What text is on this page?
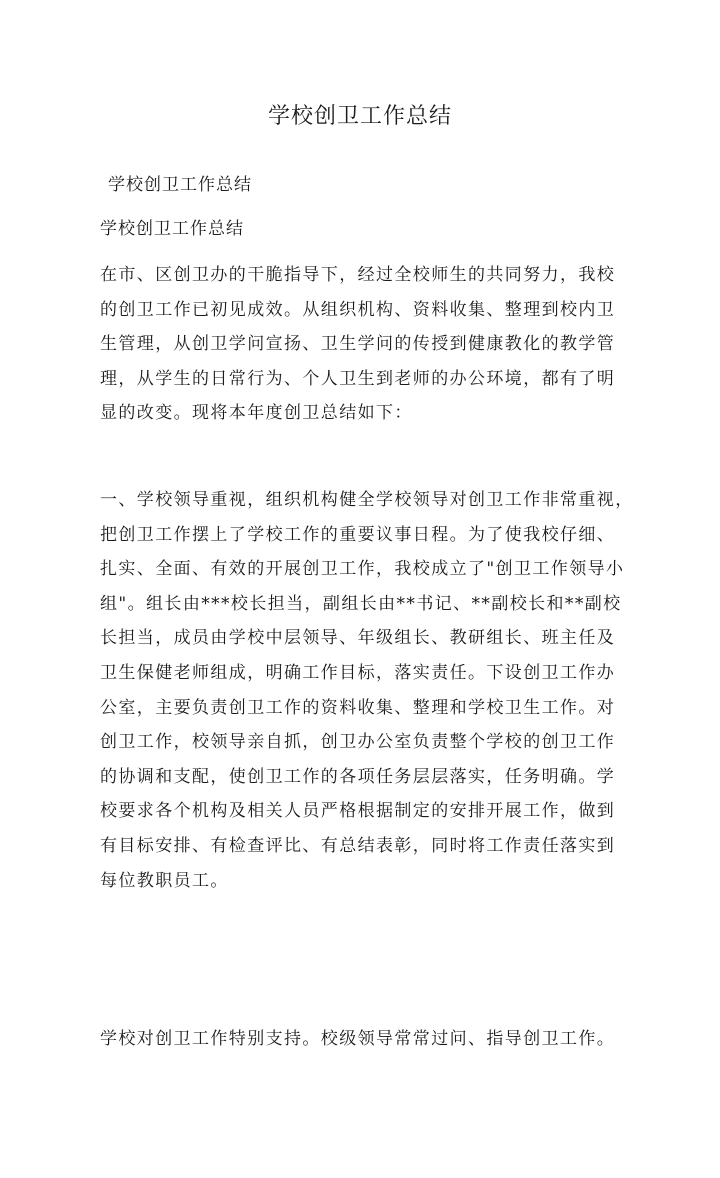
学校创卫工作总结

学校创卫工作总结

学校创卫工作总结

在市、区创卫办的干脆指导下，经过全校师生的共同努力，我校
的创卫工作已初见成效。从组织机构、资料收集、整理到校内卫
生管理，从创卫学问宣扬、卫生学问的传授到健康教化的教学管
理，从学生的日常行为、个人卫生到老师的办公环境，都有了明
显的改变。现将本年度创卫总结如下：

一、学校领导重视，组织机构健全学校领导对创卫工作非常重视，
把创卫工作摆上了学校工作的重要议事日程。为了使我校仔细、
扎实、全面、有效的开展创卫工作，我校成立了"创卫工作领导小
组"。组长由***校长担当，副组长由**书记、**副校长和**副校
长担当，成员由学校中层领导、年级组长、教研组长、班主任及
卫生保健老师组成，明确工作目标，落实责任。下设创卫工作办
公室，主要负责创卫工作的资料收集、整理和学校卫生工作。对
创卫工作，校领导亲自抓，创卫办公室负责整个学校的创卫工作
的协调和支配，使创卫工作的各项任务层层落实，任务明确。学
校要求各个机构及相关人员严格根据制定的安排开展工作，做到
有目标安排、有检查评比、有总结表彰，同时将工作责任落实到
每位教职员工。

学校对创卫工作特别支持。校级领导常常过问、指导创卫工作。
